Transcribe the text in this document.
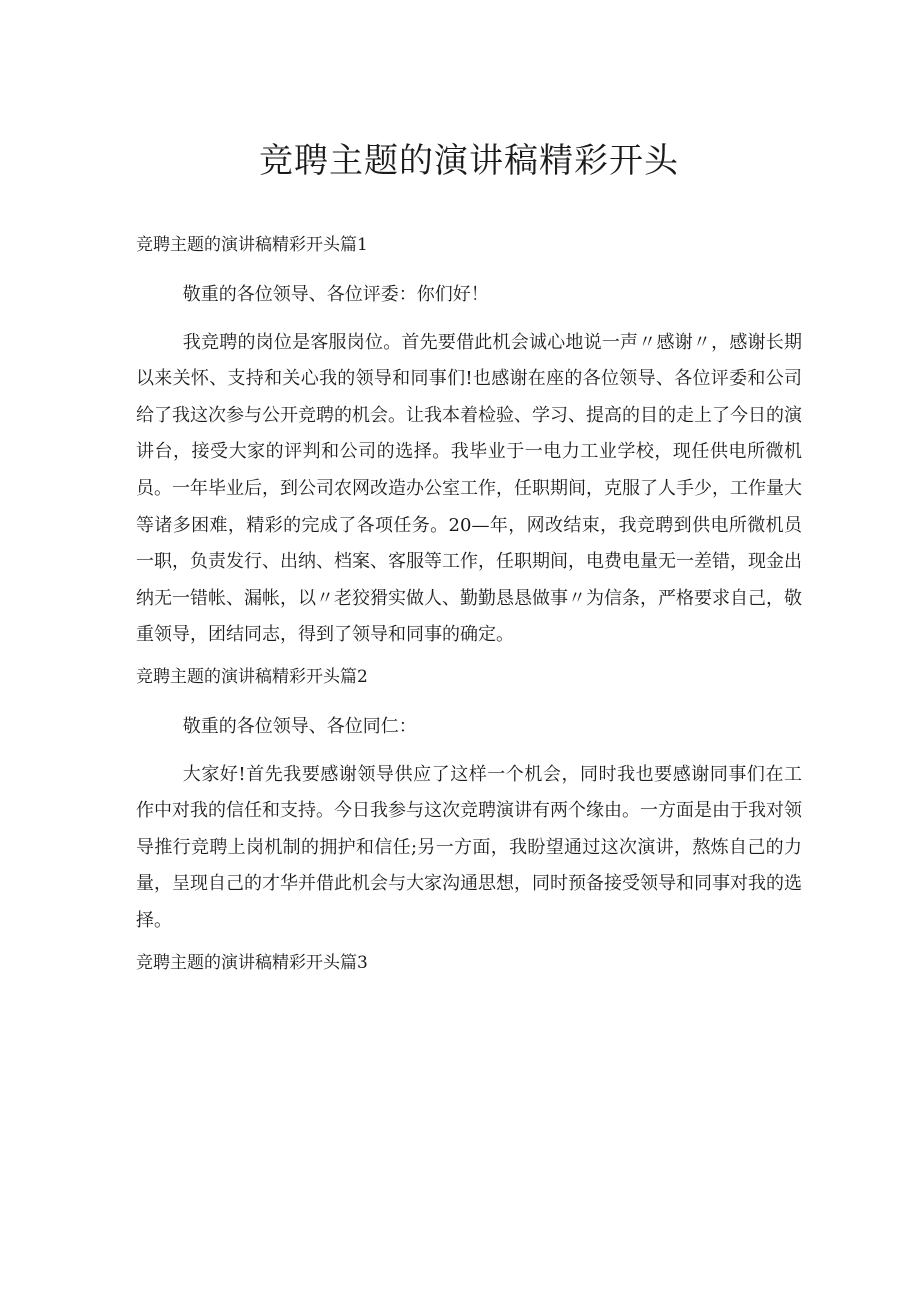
竞聘主题的演讲稿精彩开头
竞聘主题的演讲稿精彩开头篇1

敬重的各位领导、各位评委：你们好！

我竞聘的岗位是客服岗位。首先要借此机会诚心地说一声〃感谢〃，感谢长期以来关怀、支持和关心我的领导和同事们!也感谢在座的各位领导、各位评委和公司给了我这次参与公开竞聘的机会。让我本着检验、学习、提高的目的走上了今日的演讲台，接受大家的评判和公司的选择。我毕业于一电力工业学校，现任供电所微机员。一年毕业后，到公司农网改造办公室工作，任职期间，克服了人手少，工作量大等诸多困难，精彩的完成了各项任务。20—年，网改结束，我竞聘到供电所微机员一职，负责发行、出纳、档案、客服等工作，任职期间，电费电量无一差错，现金出纳无一错帐、漏帐，以〃老狡猾实做人、勤勤恳恳做事〃为信条，严格要求自己，敬重领导，团结同志，得到了领导和同事的确定。

竞聘主题的演讲稿精彩开头篇2

敬重的各位领导、各位同仁：

大家好!首先我要感谢领导供应了这样一个机会，同时我也要感谢同事们在工作中对我的信任和支持。今日我参与这次竞聘演讲有两个缘由。一方面是由于我对领导推行竞聘上岗机制的拥护和信任;另一方面，我盼望通过这次演讲，熬炼自己的力量，呈现自己的才华并借此机会与大家沟通思想，同时预备接受领导和同事对我的选择。

竞聘主题的演讲稿精彩开头篇3
